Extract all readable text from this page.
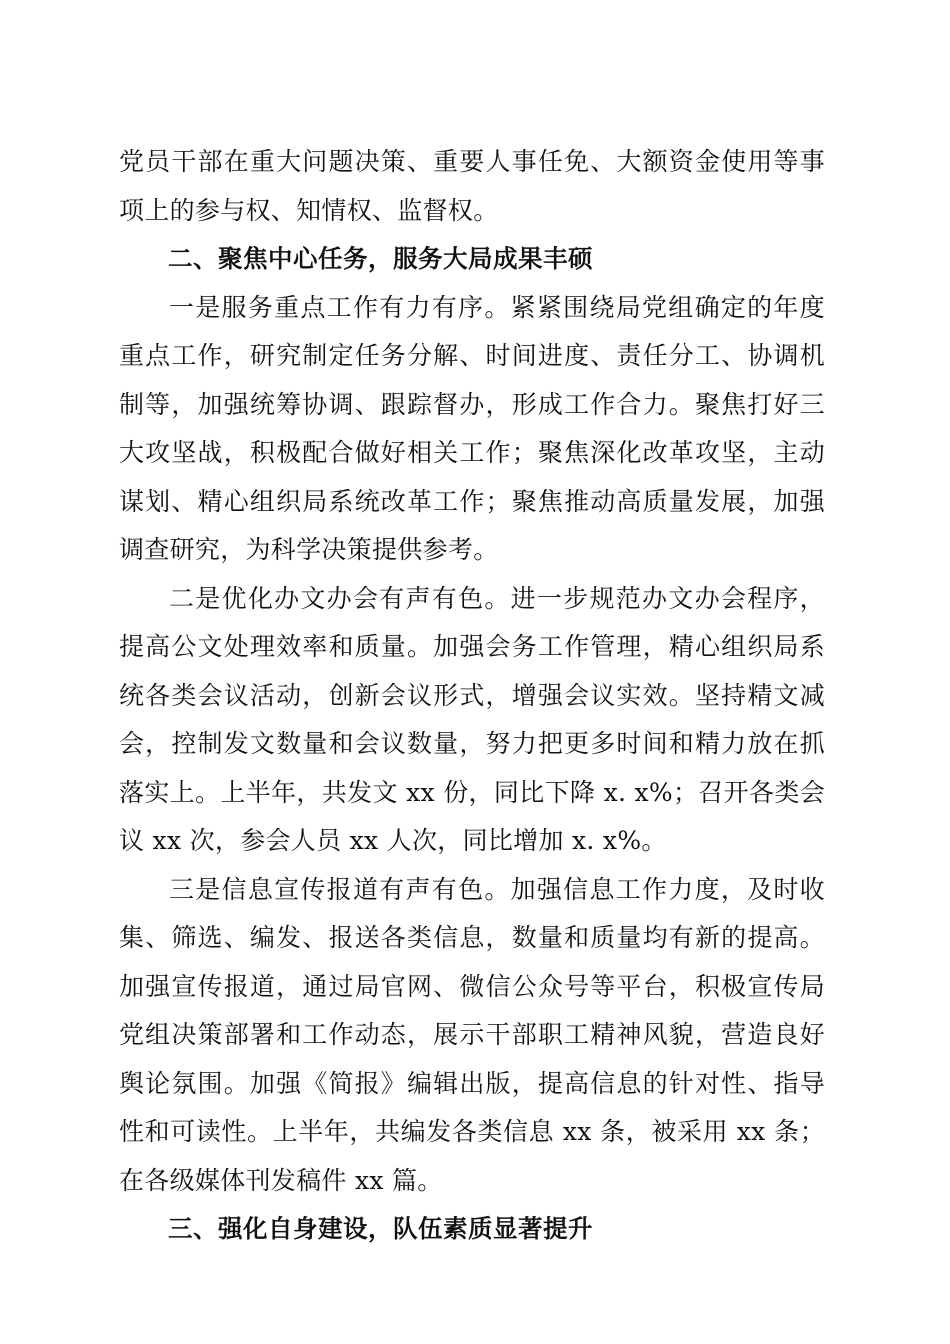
党员干部在重大问题决策、重要人事任免、大额资金使用等事项上的参与权、知情权、监督权。

二、聚焦中心任务，服务大局成果丰硕

一是服务重点工作有力有序。紧紧围绕局党组确定的年度重点工作，研究制定任务分解、时间进度、责任分工、协调机制等，加强统筹协调、跟踪督办，形成工作合力。聚焦打好三大攻坚战，积极配合做好相关工作；聚焦深化改革攻坚，主动谋划、精心组织局系统改革工作；聚焦推动高质量发展，加强调查研究，为科学决策提供参考。

二是优化办文办会有声有色。进一步规范办文办会程序，提高公文处理效率和质量。加强会务工作管理，精心组织局系统各类会议活动，创新会议形式，增强会议实效。坚持精文减会，控制发文数量和会议数量，努力把更多时间和精力放在抓落实上。上半年，共发文 xx 份，同比下降 x. x%；召开各类会议 xx 次，参会人员 xx 人次，同比增加 x. x%。

三是信息宣传报道有声有色。加强信息工作力度，及时收集、筛选、编发、报送各类信息，数量和质量均有新的提高。加强宣传报道，通过局官网、微信公众号等平台，积极宣传局党组决策部署和工作动态，展示干部职工精神风貌，营造良好舆论氛围。加强《简报》编辑出版，提高信息的针对性、指导性和可读性。上半年，共编发各类信息 xx 条，被采用 xx 条；在各级媒体刊发稿件 xx 篇。

三、强化自身建设，队伍素质显著提升
